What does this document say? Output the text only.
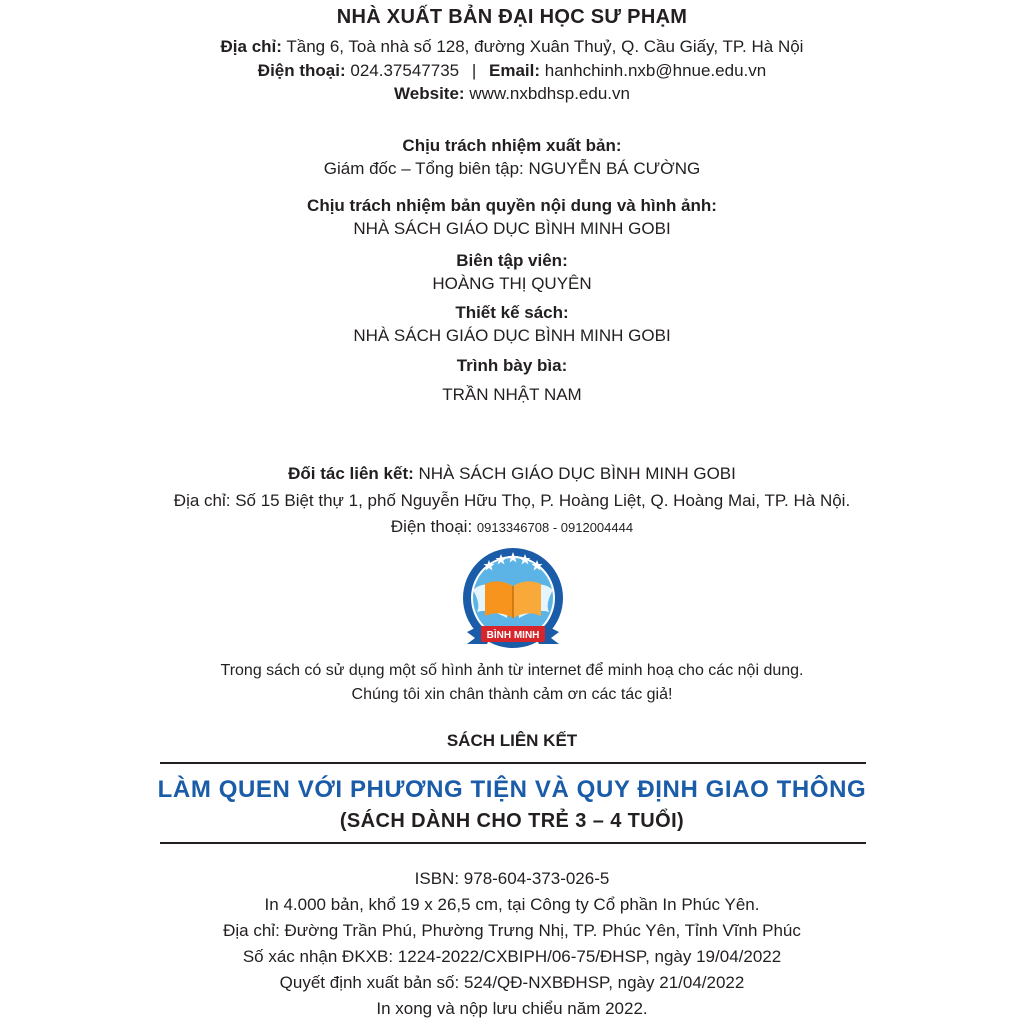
NHÀ XUẤT BẢN ĐẠI HỌC SƯ PHẠM
Địa chỉ: Tầng 6, Toà nhà số 128, đường Xuân Thuỷ, Q. Cầu Giấy, TP. Hà Nội
Điện thoại: 024.37547735 | Email: hanhchinh.nxb@hnue.edu.vn
Website: www.nxbdhsp.edu.vn
Chịu trách nhiệm xuất bản:
Giám đốc – Tổng biên tập: NGUYỄN BÁ CƯỜNG
Chịu trách nhiệm bản quyền nội dung và hình ảnh:
NHÀ SÁCH GIÁO DỤC BÌNH MINH GOBI
Biên tập viên:
HOÀNG THỊ QUYÊN
Thiết kế sách:
NHÀ SÁCH GIÁO DỤC BÌNH MINH GOBI
Trình bày bìa:
TRẦN NHẬT NAM
Đối tác liên kết: NHÀ SÁCH GIÁO DỤC BÌNH MINH GOBI
Địa chỉ: Số 15 Biệt thự 1, phố Nguyễn Hữu Thọ, P. Hoàng Liệt, Q. Hoàng Mai, TP. Hà Nội.
Điện thoại: 0913346708 - 0912004444
BÌNH MINH
Trong sách có sử dụng một số hình ảnh từ internet để minh hoạ cho các nội dung.
Chúng tôi xin chân thành cảm ơn các tác giả!
SÁCH LIÊN KẾT
LÀM QUEN VỚI PHƯƠNG TIỆN VÀ QUY ĐỊNH GIAO THÔNG
(SÁCH DÀNH CHO TRẺ 3 – 4 TUỔI)
ISBN: 978-604-373-026-5
In 4.000 bản, khổ 19 x 26,5 cm, tại Công ty Cổ phần In Phúc Yên.
Địa chỉ: Đường Trần Phú, Phường Trưng Nhị, TP. Phúc Yên, Tỉnh Vĩnh Phúc
Số xác nhận ĐKXB: 1224-2022/CXBIPH/06-75/ĐHSP, ngày 19/04/2022
Quyết định xuất bản số: 524/QĐ-NXBĐHSP, ngày 21/04/2022
In xong và nộp lưu chiểu năm 2022.
